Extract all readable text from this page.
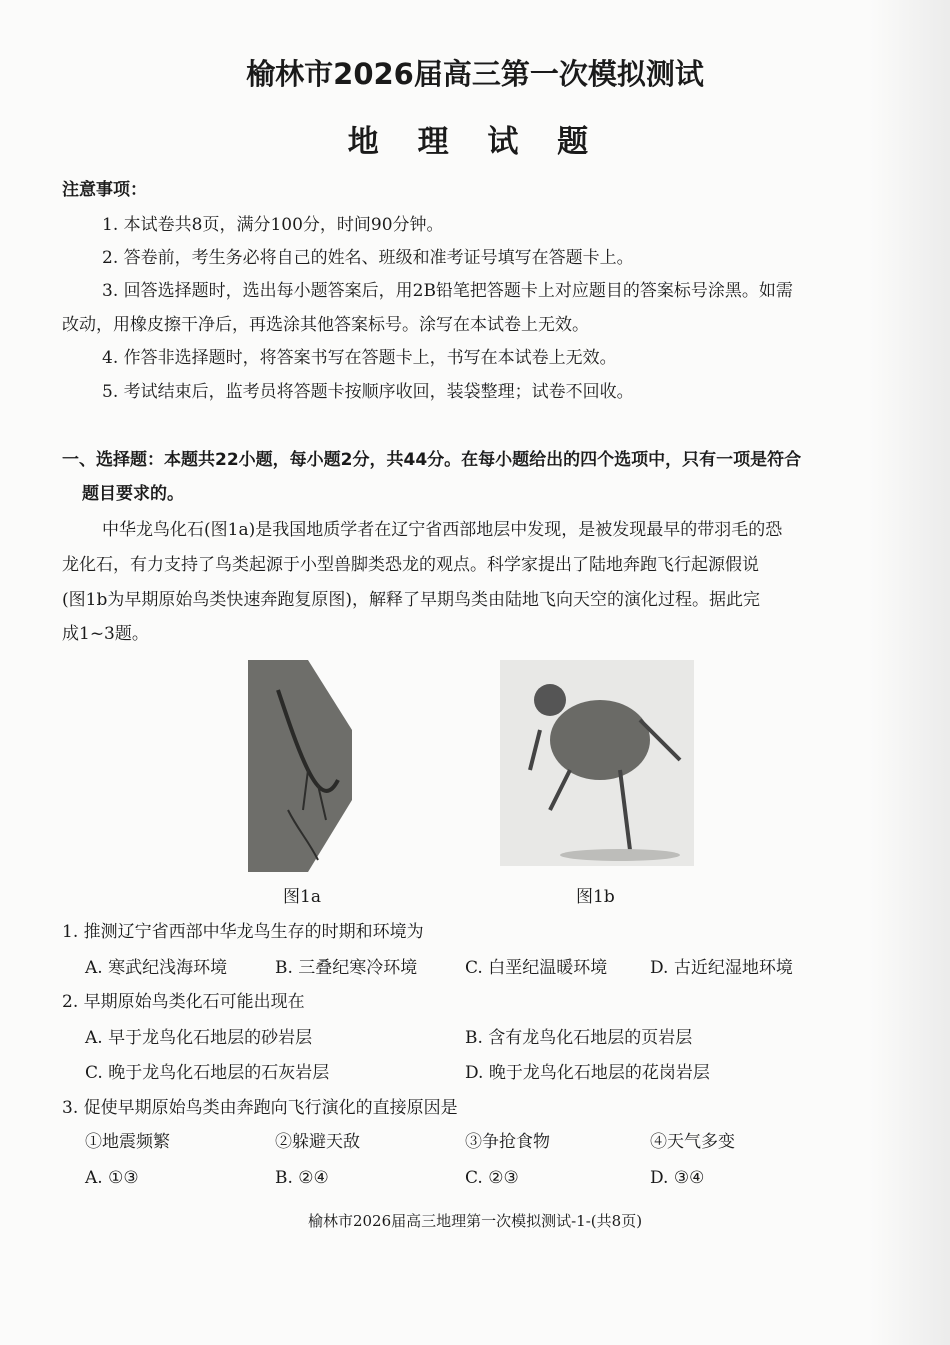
榆林市2026届高三第一次模拟测试
地 理 试 题
注意事项：
1. 本试卷共8页，满分100分，时间90分钟。
2. 答卷前，考生务必将自己的姓名、班级和准考证号填写在答题卡上。
3. 回答选择题时，选出每小题答案后，用2B铅笔把答题卡上对应题目的答案标号涂黑。如需
改动，用橡皮擦干净后，再选涂其他答案标号。涂写在本试卷上无效。
4. 作答非选择题时，将答案书写在答题卡上，书写在本试卷上无效。
5. 考试结束后，监考员将答题卡按顺序收回，装袋整理；试卷不回收。
一、选择题：本题共22小题，每小题2分，共44分。在每小题给出的四个选项中，只有一项是符合
题目要求的。
中华龙鸟化石(图1a)是我国地质学者在辽宁省西部地层中发现，是被发现最早的带羽毛的恐
龙化石，有力支持了鸟类起源于小型兽脚类恐龙的观点。科学家提出了陆地奔跑飞行起源假说
(图1b为早期原始鸟类快速奔跑复原图)，解释了早期鸟类由陆地飞向天空的演化过程。据此完
成1~3题。
图1a	图1b
1. 推测辽宁省西部中华龙鸟生存的时期和环境为
A. 寒武纪浅海环境	B. 三叠纪寒冷环境	C. 白垩纪温暖环境	D. 古近纪湿地环境
2. 早期原始鸟类化石可能出现在
A. 早于龙鸟化石地层的砂岩层	B. 含有龙鸟化石地层的页岩层
C. 晚于龙鸟化石地层的石灰岩层	D. 晚于龙鸟化石地层的花岗岩层
3. 促使早期原始鸟类由奔跑向飞行演化的直接原因是
①地震频繁	②躲避天敌	③争抢食物	④天气多变
A. ①③	B. ②④	C. ②③	D. ③④
榆林市2026届高三地理第一次模拟测试-1-(共8页)
